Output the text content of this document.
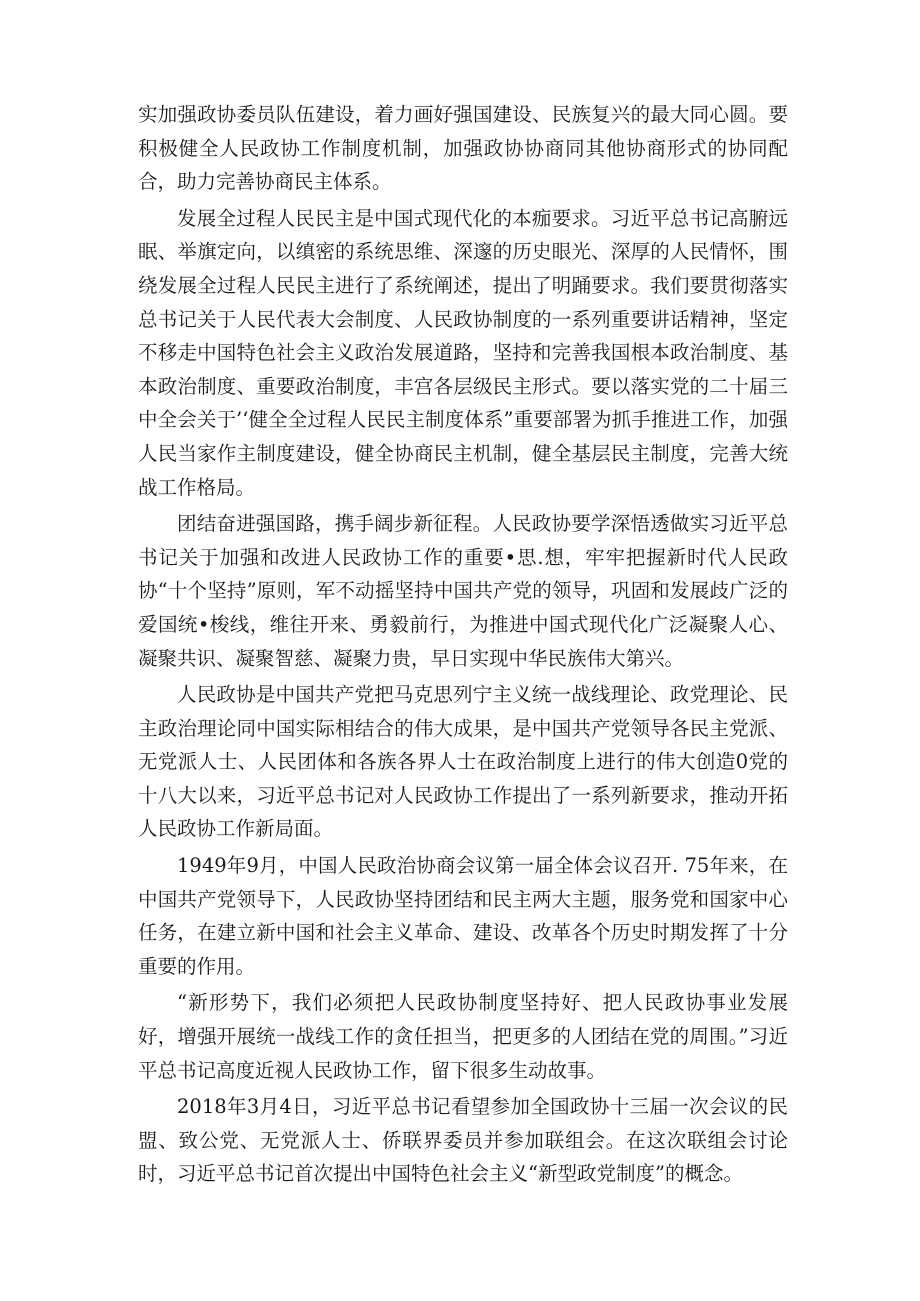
实加强政协委员队伍建设，着力画好强国建设、民族复兴的最大同心圆。要积极健全人民政协工作制度机制，加强政协协商同其他协商形式的协同配合，助力完善协商民主体系。

发展全过程人民民主是中国式现代化的本痂要求。习近平总书记高腑远眠、举旗定向，以缜密的系统思维、深邃的历史眼光、深厚的人民情怀，围绕发展全过程人民民主进行了系统阐述，提出了明踊要求。我们要贯彻落实总书记关于人民代表大会制度、人民政协制度的一系列重要讲话精神，坚定不移走中国特色社会主义政治发展道路，坚持和完善我国根本政治制度、基本政治制度、重要政治制度，丰宫各层级民主形式。要以落实党的二十届三中全会关于’‘健全全过程人民民主制度体系”重要部署为抓手推进工作，加强人民当家作主制度建设，健全协商民主机制，健全基层民主制度，完善大统战工作格局。

团结奋进强国路，携手阔步新征程。人民政协要学深悟透做实习近平总书记关于加强和改进人民政协工作的重要•思.想，牢牢把握新时代人民政协“十个坚持”原则，军不动摇坚持中国共产党的领导，巩固和发展歧广泛的爱国统•梭线，维往开来、勇毅前行，为推进中国式现代化广泛凝聚人心、凝聚共识、凝聚智慈、凝聚力贵，早日实现中华民族伟大第兴。

人民政协是中国共产党把马克思列宁主义统一战线理论、政党理论、民主政治理论同中国实际相结合的伟大成果，是中国共产党领导各民主党派、无党派人士、人民团体和各族各界人士在政治制度上进行的伟大创造0党的十八大以来，习近平总书记对人民政协工作提出了一系列新要求，推动开拓人民政协工作新局面。

1949年9月，中国人民政治协商会议第一届全体会议召开. 75年来，在中国共产党领导下，人民政协坚持团结和民主两大主题，服务党和国家中心任务，在建立新中国和社会主义革命、建设、改革各个历史时期发挥了十分重要的作用。

“新形势下，我们必须把人民政协制度坚持好、把人民政协事业发展好，增强开展统一战线工作的贪任担当，把更多的人团结在党的周围。”习近平总书记高度近视人民政协工作，留下很多生动故事。

2018年3月4日，习近平总书记看望参加全国政协十三届一次会议的民盟、致公党、无党派人士、侨联界委员并参加联组会。在这次联组会讨论时，习近平总书记首次提出中国特色社会主义“新型政党制度”的概念。
